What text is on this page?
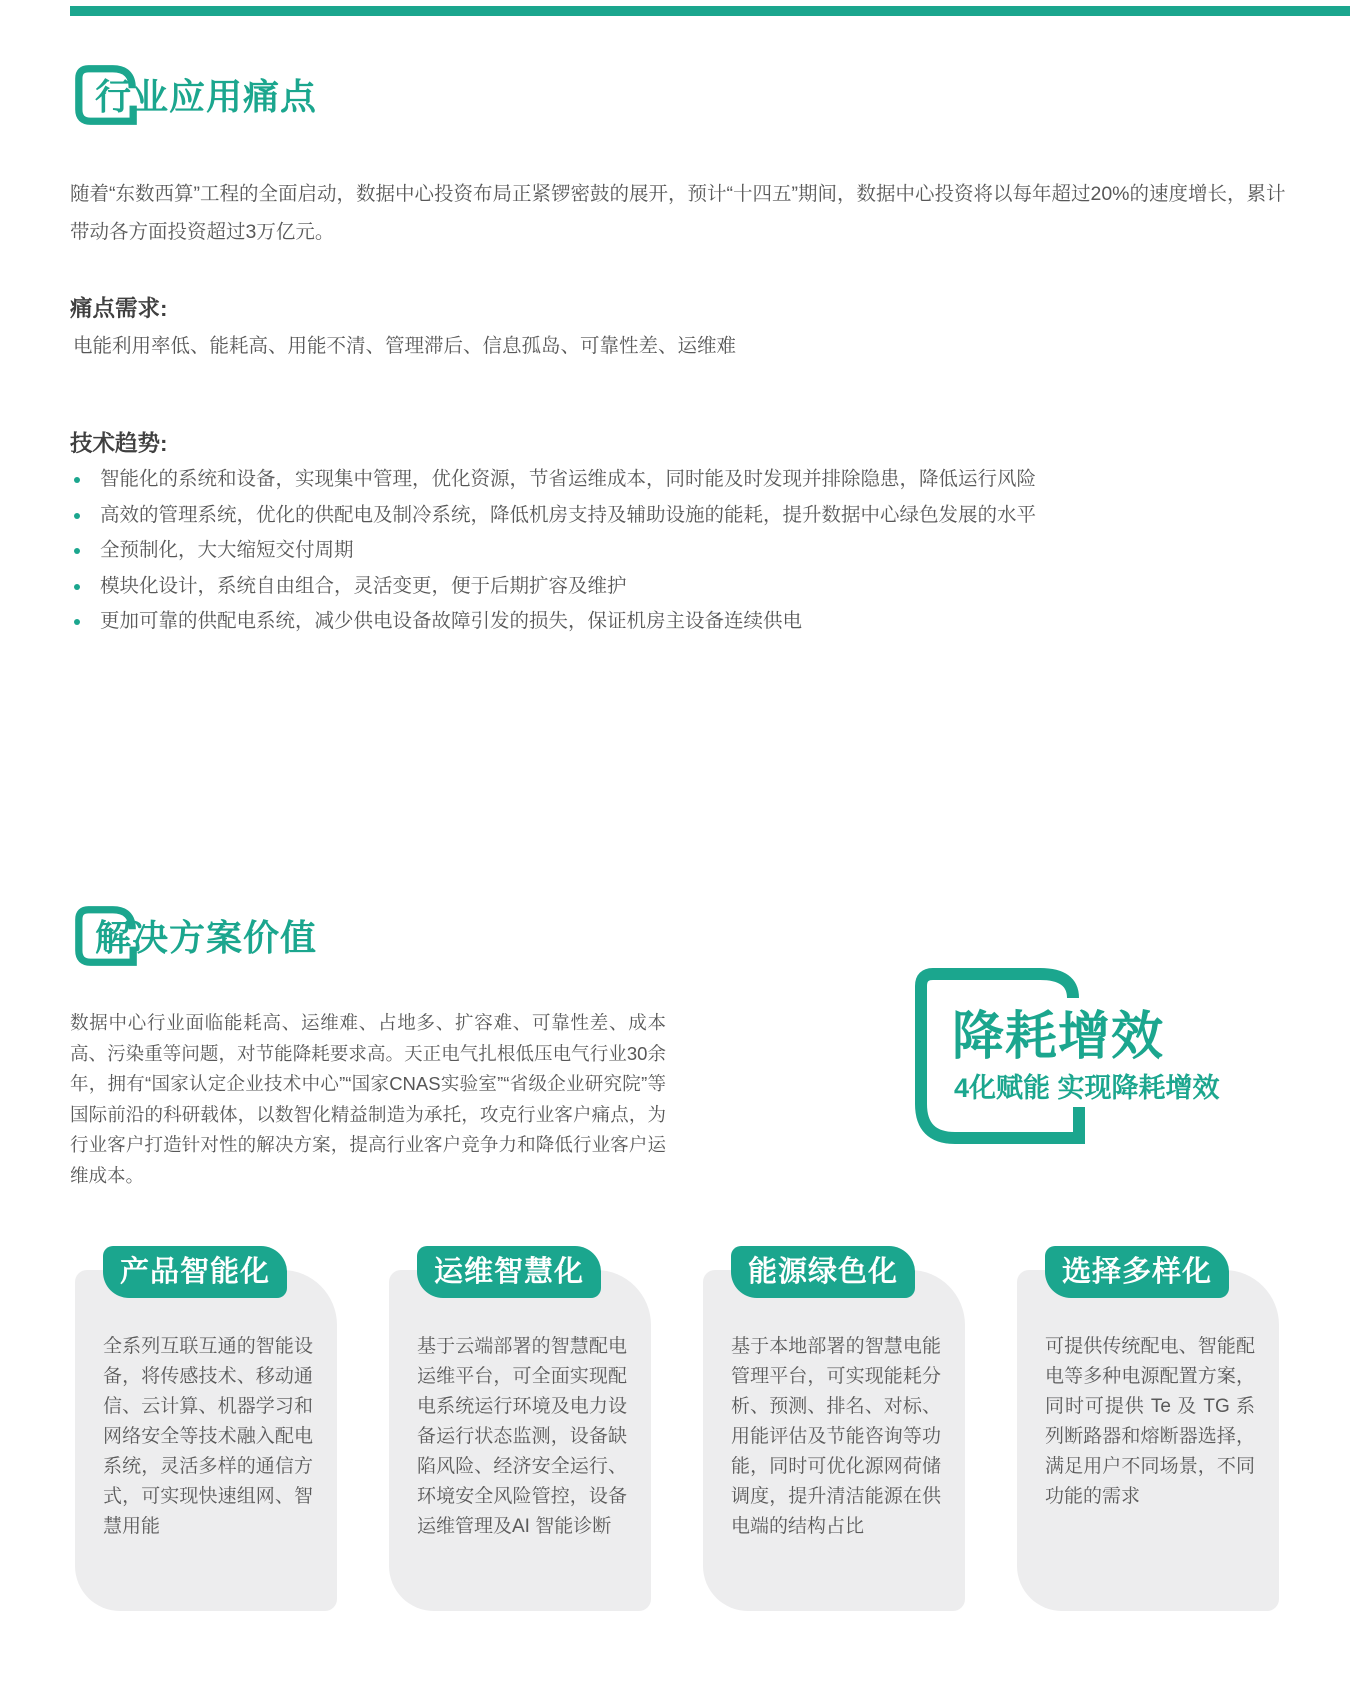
行业应用痛点

随着“东数西算”工程的全面启动，数据中心投资布局正紧锣密鼓的展开，预计“十四五”期间，数据中心投资将以每年超过20%的速度增长，累计带动各方面投资超过3万亿元。

痛点需求:

电能利用率低、能耗高、用能不清、管理滞后、信息孤岛、可靠性差、运维难

技术趋势:
智能化的系统和设备，实现集中管理，优化资源，节省运维成本，同时能及时发现并排除隐患，降低运行风险
高效的管理系统，优化的供配电及制冷系统，降低机房支持及辅助设施的能耗，提升数据中心绿色发展的水平
全预制化，大大缩短交付周期
模块化设计，系统自由组合，灵活变更，便于后期扩容及维护
更加可靠的供配电系统，减少供电设备故障引发的损失，保证机房主设备连续供电
解决方案价值

数据中心行业面临能耗高、运维难、占地多、扩容难、可靠性差、成本高、污染重等问题，对节能降耗要求高。天正电气扎根低压电气行业30余年，拥有“国家认定企业技术中心”“国家CNAS实验室”“省级企业研究院”等国际前沿的科研载体，以数智化精益制造为承托，攻克行业客户痛点，为行业客户打造针对性的解决方案，提高行业客户竞争力和降低行业客户运维成本。

降耗增效

4化赋能 实现降耗增效

产品智能化

全系列互联互通的智能设备，将传感技术、移动通信、云计算、机器学习和网络安全等技术融入配电系统，灵活多样的通信方式，可实现快速组网、智慧用能

运维智慧化

基于云端部署的智慧配电运维平台，可全面实现配电系统运行环境及电力设备运行状态监测，设备缺陷风险、经济安全运行、环境安全风险管控，设备运维管理及AI 智能诊断

能源绿色化

基于本地部署的智慧电能管理平台，可实现能耗分析、预测、排名、对标、用能评估及节能咨询等功能，同时可优化源网荷储调度，提升清洁能源在供电端的结构占比

选择多样化

可提供传统配电、智能配电等多种电源配置方案，同时可提供 Te 及 TG 系列断路器和熔断器选择，满足用户不同场景，不同功能的需求
